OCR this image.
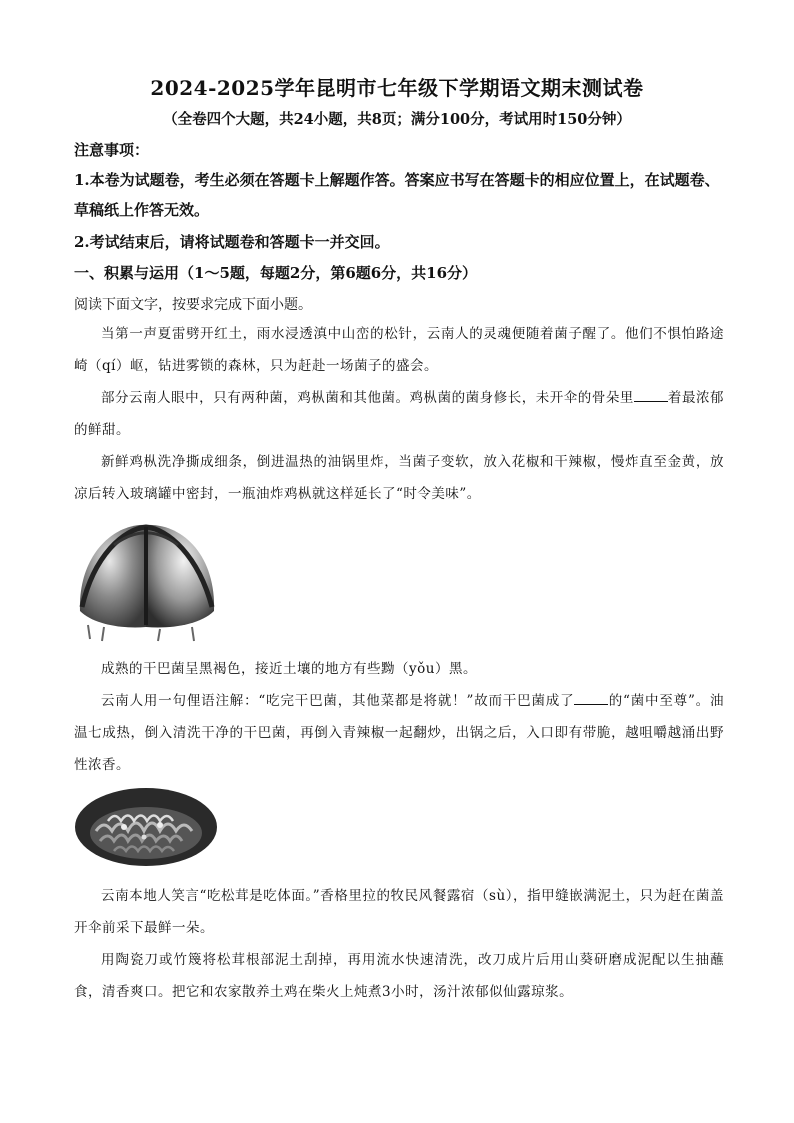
2024-2025学年昆明市七年级下学期语文期末测试卷
（全卷四个大题，共24小题，共8页；满分100分，考试用时150分钟）
注意事项：
1.本卷为试题卷，考生必须在答题卡上解题作答。答案应书写在答题卡的相应位置上，在试题卷、草稿纸上作答无效。
2.考试结束后，请将试题卷和答题卡一并交回。
一、积累与运用（1～5题，每题2分，第6题6分，共16分）
阅读下面文字，按要求完成下面小题。
当第一声夏雷劈开红土，雨水浸透滇中山峦的松针，云南人的灵魂便随着菌子醒了。他们不惧怕路途崎（qí）岖，钻进雾锁的森林，只为赶赴一场菌子的盛会。
部分云南人眼中，只有两种菌，鸡枞菌和其他菌。鸡枞菌的菌身修长，未开伞的骨朵里	着最浓郁的鲜甜。
新鲜鸡枞洗净撕成细条，倒进温热的油锅里炸，当菌子变软，放入花椒和干辣椒，慢炸直至金黄，放凉后转入玻璃罐中密封，一瓶油炸鸡枞就这样延长了“时令美味”。
成熟的干巴菌呈黑褐色，接近土壤的地方有些黝（yǒu）黑。
云南人用一句俚语注解：“吃完干巴菌，其他菜都是将就！”故而干巴菌成了	的“菌中至尊”。油温七成热，倒入清洗干净的干巴菌，再倒入青辣椒一起翻炒，出锅之后，入口即有带脆，越咀嚼越涌出野性浓香。
云南本地人笑言“吃松茸是吃体面。”香格里拉的牧民风餐露宿（sù），指甲缝嵌满泥土，只为赶在菌盖开伞前采下最鲜一朵。
用陶瓷刀或竹篾将松茸根部泥土刮掉，再用流水快速清洗，改刀成片后用山葵研磨成泥配以生抽蘸食，清香爽口。把它和农家散养土鸡在柴火上炖煮3小时，汤汁浓郁似仙露琼浆。
